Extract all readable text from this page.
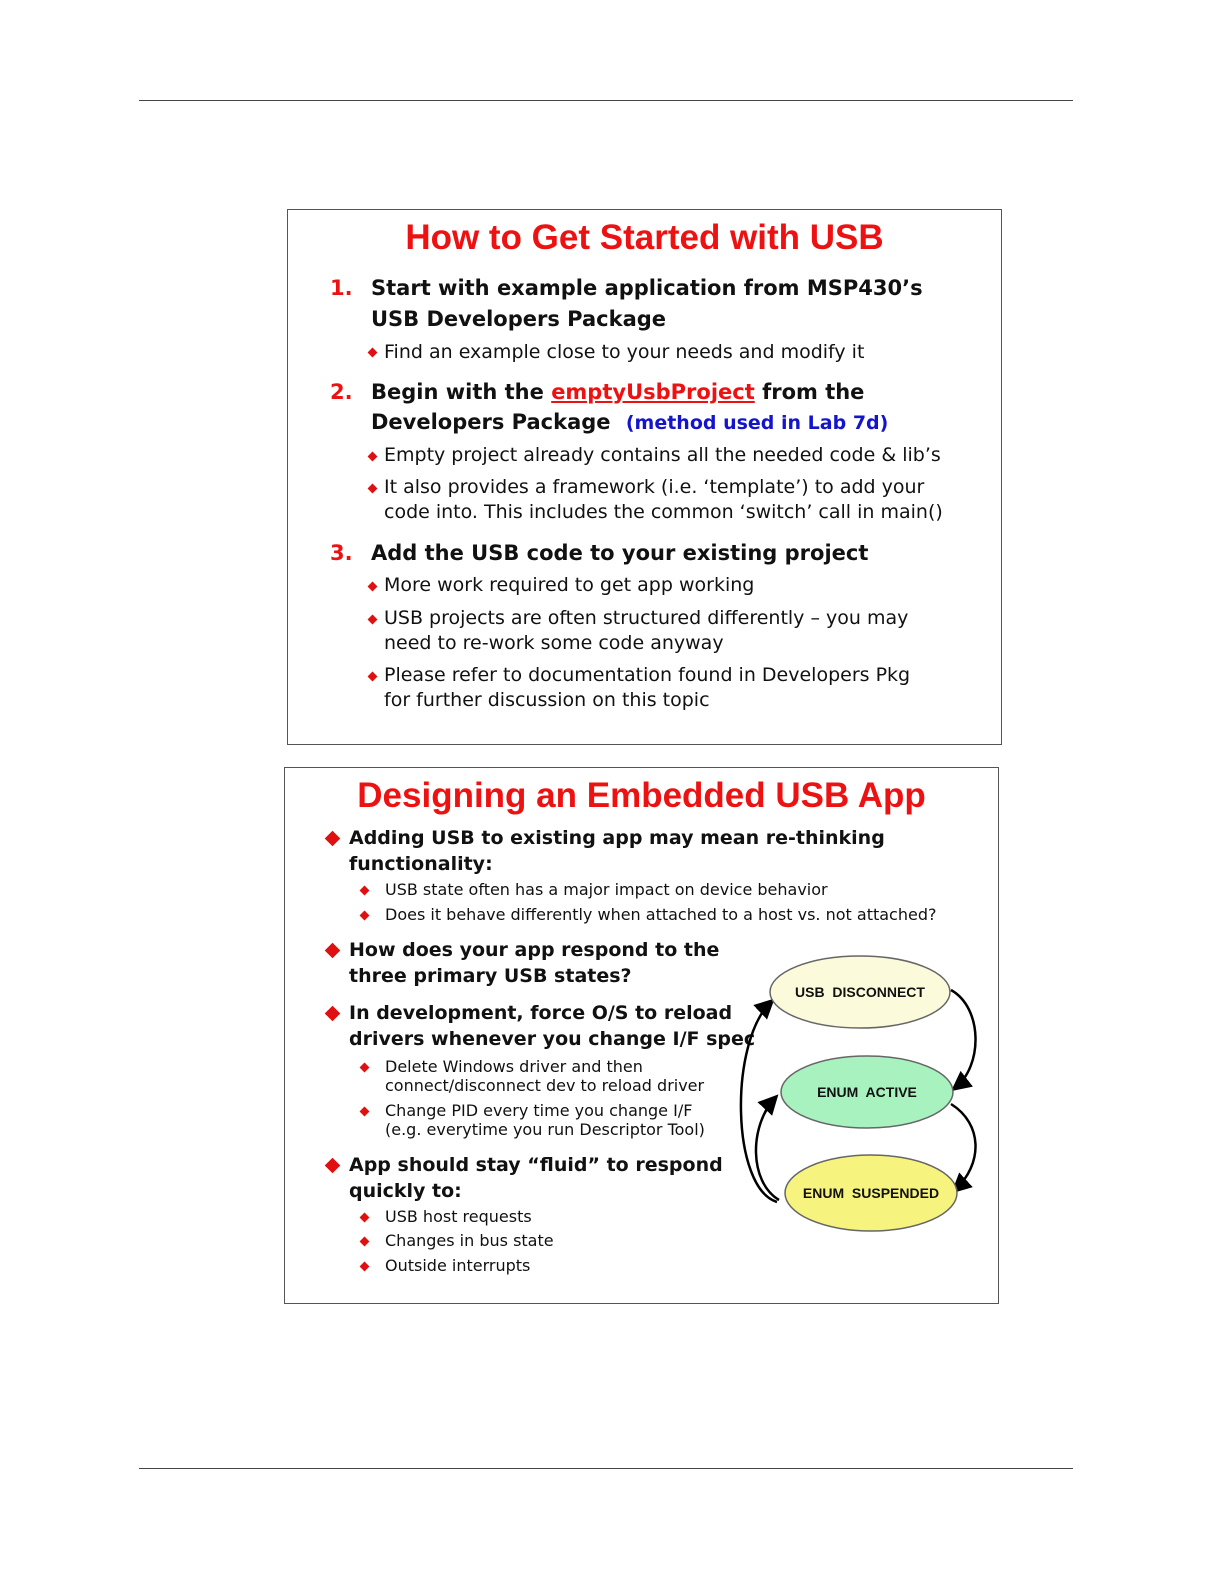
How to Get Started with USB
1. Start with example application from MSP430’s
USB Developers Package
Find an example close to your needs and modify it
2. Begin with the emptyUsbProject from the
Developers Package (method used in Lab 7d)
Empty project already contains all the needed code & lib’s
It also provides a framework (i.e. ‘template’) to add your
code into. This includes the common ‘switch’ call in main()
3. Add the USB code to your existing project
More work required to get app working
USB projects are often structured differently – you may
need to re-work some code anyway
Please refer to documentation found in Developers Pkg
for further discussion on this topic
Designing an Embedded USB App
Adding USB to existing app may mean re-thinking
functionality:
USB state often has a major impact on device behavior
Does it behave differently when attached to a host vs. not attached?
How does your app respond to the
three primary USB states?
In development, force O/S to reload
drivers whenever you change I/F spec
Delete Windows driver and then
connect/disconnect dev to reload driver
Change PID every time you change I/F
(e.g. everytime you run Descriptor Tool)
App should stay “fluid” to respond
quickly to:
USB host requests
Changes in bus state
Outside interrupts
USB  DISCONNECT
ENUM  ACTIVE
ENUM  SUSPENDED
